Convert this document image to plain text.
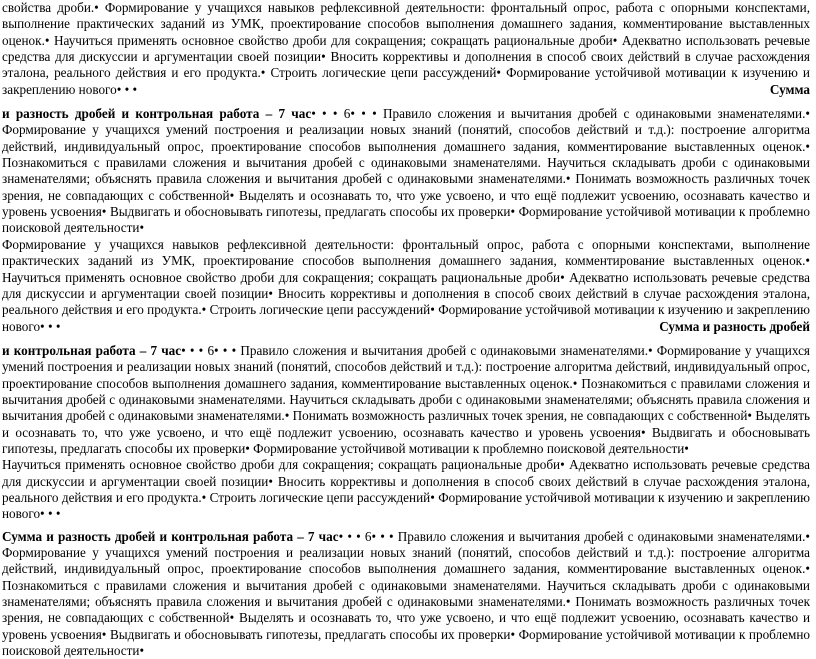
свойства дроби.• Формирование у учащихся навыков рефлексивной деятельности: фронтальный опрос, работа с опорными конспектами, выполнение практических заданий из УМК, проектирование способов выполнения домашнего задания, комментирование выставленных оценок.• Научиться применять основное свойство дроби для сокращения; сокращать рациональные дроби• Адекватно использовать речевые средства для дискуссии и аргументации своей позиции• Вносить коррективы и дополнения в способ своих действий в случае расхождения эталона, реального действия и его продукта.• Строить логические цепи рассуждений• Формирование устойчивой мотивации к изучению и закреплению нового• • •	Сумма

и разность дробей и контрольная работа – 7 час• • • 6• • • Правило сложения и вычитания дробей с одинаковыми знаменателями.• Формирование у учащихся умений построения и реализации новых знаний (понятий, способов действий и т.д.): построение алгоритма действий, индивидуальный опрос, проектирование способов выполнения домашнего задания, комментирование выставленных оценок.• Познакомиться с правилами сложения и вычитания дробей с одинаковыми знаменателями. Научиться складывать дроби с одинаковыми знаменателями; объяснять правила сложения и вычитания дробей с одинаковыми знаменателями.• Понимать возможность различных точек зрения, не совпадающих с собственной• Выделять и осознавать то, что уже усвоено, и что ещё подлежит усвоению, осознавать качество и уровень усвоения• Выдвигать и обосновывать гипотезы, предлагать способы их проверки• Формирование устойчивой мотивации к проблемно поисковой деятельности•

Формирование у учащихся навыков рефлексивной деятельности: фронтальный опрос, работа с опорными конспектами, выполнение практических заданий из УМК, проектирование способов выполнения домашнего задания, комментирование выставленных оценок.• Научиться применять основное свойство дроби для сокращения; сокращать рациональные дроби• Адекватно использовать речевые средства для дискуссии и аргументации своей позиции• Вносить коррективы и дополнения в способ своих действий в случае расхождения эталона, реального действия и его продукта.• Строить логические цепи рассуждений• Формирование устойчивой мотивации к изучению и закреплению нового• • •	Сумма и разность дробей

и контрольная работа – 7 час• • • 6• • • Правило сложения и вычитания дробей с одинаковыми знаменателями.• Формирование у учащихся умений построения и реализации новых знаний (понятий, способов действий и т.д.): построение алгоритма действий, индивидуальный опрос, проектирование способов выполнения домашнего задания, комментирование выставленных оценок.• Познакомиться с правилами сложения и вычитания дробей с одинаковыми знаменателями. Научиться складывать дроби с одинаковыми знаменателями; объяснять правила сложения и вычитания дробей с одинаковыми знаменателями.• Понимать возможность различных точек зрения, не совпадающих с собственной• Выделять и осознавать то, что уже усвоено, и что ещё подлежит усвоению, осознавать качество и уровень усвоения• Выдвигать и обосновывать гипотезы, предлагать способы их проверки• Формирование устойчивой мотивации к проблемно поисковой деятельности•

Научиться применять основное свойство дроби для сокращения; сокращать рациональные дроби• Адекватно использовать речевые средства для дискуссии и аргументации своей позиции• Вносить коррективы и дополнения в способ своих действий в случае расхождения эталона, реального действия и его продукта.• Строить логические цепи рассуждений• Формирование устойчивой мотивации к изучению и закреплению нового• • •

Сумма и разность дробей и контрольная работа – 7 час• • • 6• • • Правило сложения и вычитания дробей с одинаковыми знаменателями.• Формирование у учащихся умений построения и реализации новых знаний (понятий, способов действий и т.д.): построение алгоритма действий, индивидуальный опрос, проектирование способов выполнения домашнего задания, комментирование выставленных оценок.• Познакомиться с правилами сложения и вычитания дробей с одинаковыми знаменателями. Научиться складывать дроби с одинаковыми знаменателями; объяснять правила сложения и вычитания дробей с одинаковыми знаменателями.• Понимать возможность различных точек зрения, не совпадающих с собственной• Выделять и осознавать то, что уже усвоено, и что ещё подлежит усвоению, осознавать качество и уровень усвоения• Выдвигать и обосновывать гипотезы, предлагать способы их проверки• Формирование устойчивой мотивации к проблемно поисковой деятельности•
